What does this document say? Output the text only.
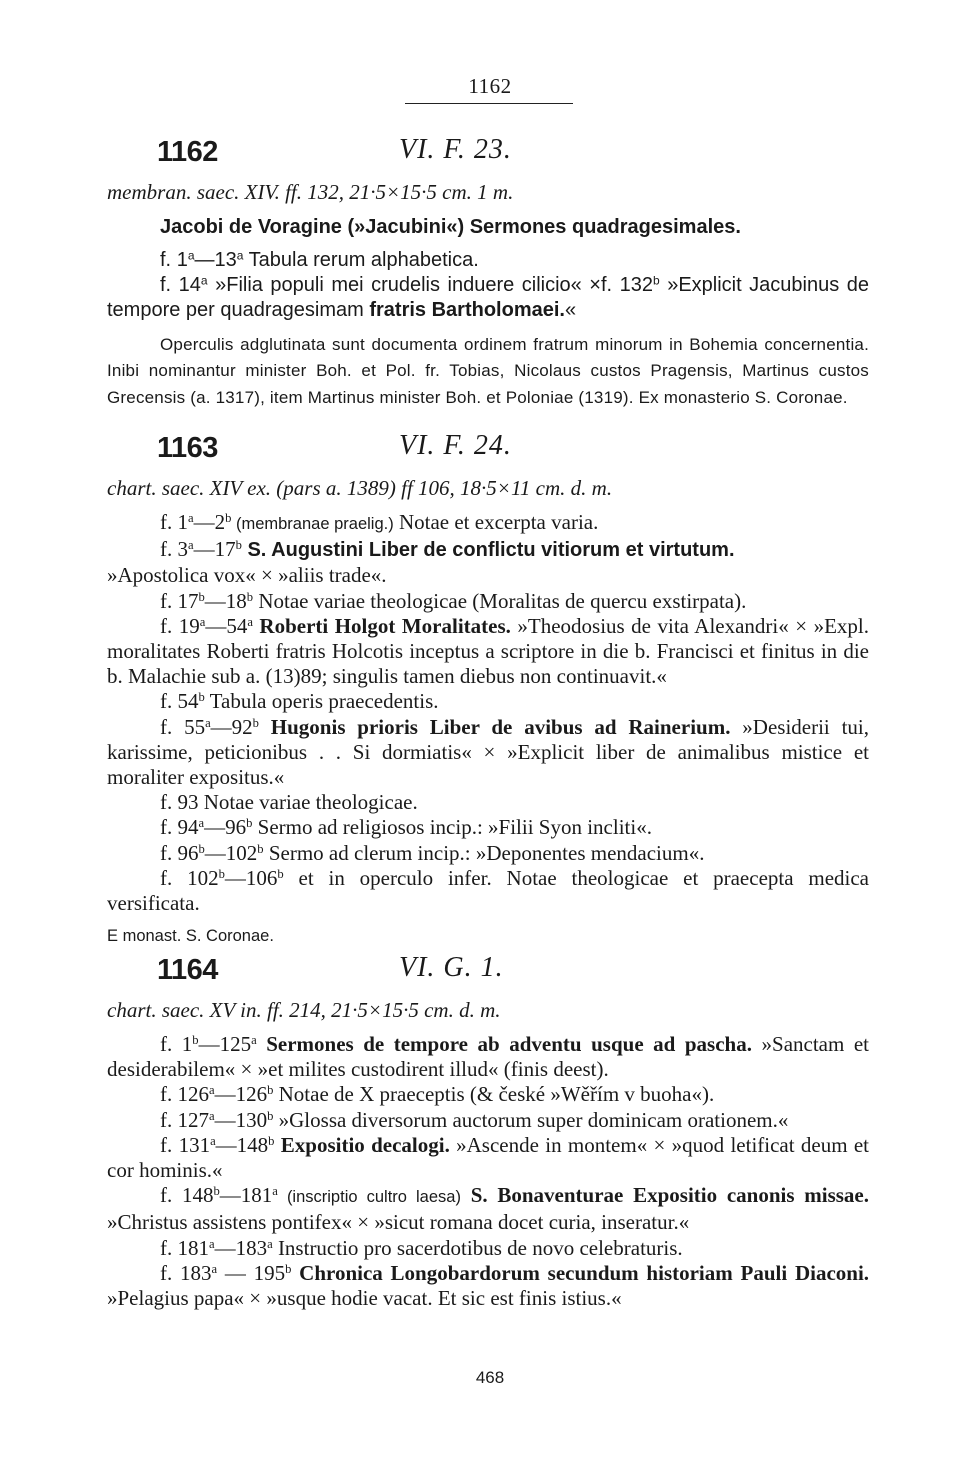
1162
1162	VI. F. 23.

membran. saec. XIV. ff. 132, 21·5×15·5 cm. 1 m.

Jacobi de Voragine (»Jacubini«) Sermones quadragesimales.

f. 1$^a$—13$^a$ Tabula rerum alphabetica.

f. 14$^a$ »Filia populi mei crudelis induere cilicio« ×f. 132$^b$ »Explicit Jacubinus de tempore per quadragesimam fratris Bartholomaei.«

Operculis adglutinata sunt documenta ordinem fratrum minorum in Bohemia concernentia. Inibi nominantur minister Boh. et Pol. fr. Tobias, Nicolaus custos Pragensis, Martinus custos Grecensis (a. 1317), item Martinus minister Boh. et Poloniae (1319). Ex monasterio S. Coronae.

1163	VI. F. 24.

chart. saec. XIV ex. (pars a. 1389) ff 106, 18·5×11 cm. d. m.

f. 1$^a$—2$^b$ (membranae praelig.) Notae et excerpta varia.

f. 3$^a$—17$^b$ S. Augustini Liber de conflictu vitiorum et virtutum.

»Apostolica vox« × »aliis trade«.

f. 17$^b$—18$^b$ Notae variae theologicae (Moralitas de quercu exstirpata).

f. 19$^a$—54$^a$ Roberti Holgot Moralitates. »Theodosius de vita Alexandri« × »Expl. moralitates Roberti fratris Holcotis inceptus a scriptore in die b. Francisci et finitus in die b. Malachie sub a. (13)89; singulis tamen diebus non continuavit.«

f. 54$^b$ Tabula operis praecedentis.

f. 55$^a$—92$^b$ Hugonis prioris Liber de avibus ad Rainerium. »Desiderii tui, karissime, peticionibus . . Si dormiatis« × »Explicit liber de animalibus mistice et moraliter expositus.«

f. 93 Notae variae theologicae.

f. 94$^a$—96$^b$ Sermo ad religiosos incip.: »Filii Syon incliti«.

f. 96$^b$—102$^b$ Sermo ad clerum incip.: »Deponentes mendacium«.

f. 102$^b$—106$^b$ et in operculo infer. Notae theologicae et praecepta medica versificata.

E monast. S. Coronae.

1164	VI. G. 1.

chart. saec. XV in. ff. 214, 21·5×15·5 cm. d. m.

f. 1$^b$—125$^a$ Sermones de tempore ab adventu usque ad pascha. »Sanctam et desiderabilem« × »et milites custodirent illud« (finis deest).

f. 126$^a$—126$^b$ Notae de X praeceptis (& české »Wěřím v buoha«).

f. 127$^a$—130$^b$ »Glossa diversorum auctorum super dominicam orationem.«

f. 131$^a$—148$^b$ Expositio decalogi. »Ascende in montem« × »quod letificat deum et cor hominis.«

f. 148$^b$—181$^a$ (inscriptio cultro laesa) S. Bonaventurae Expositio canonis missae. »Christus assistens pontifex« × »sicut romana docet curia, inseratur.«

f. 181$^a$—183$^a$ Instructio pro sacerdotibus de novo celebraturis.

f. 183$^a$ — 195$^b$ Chronica Longobardorum secundum historiam Pauli Diaconi. »Pelagius papa« × »usque hodie vacat. Et sic est finis istius.«

468
